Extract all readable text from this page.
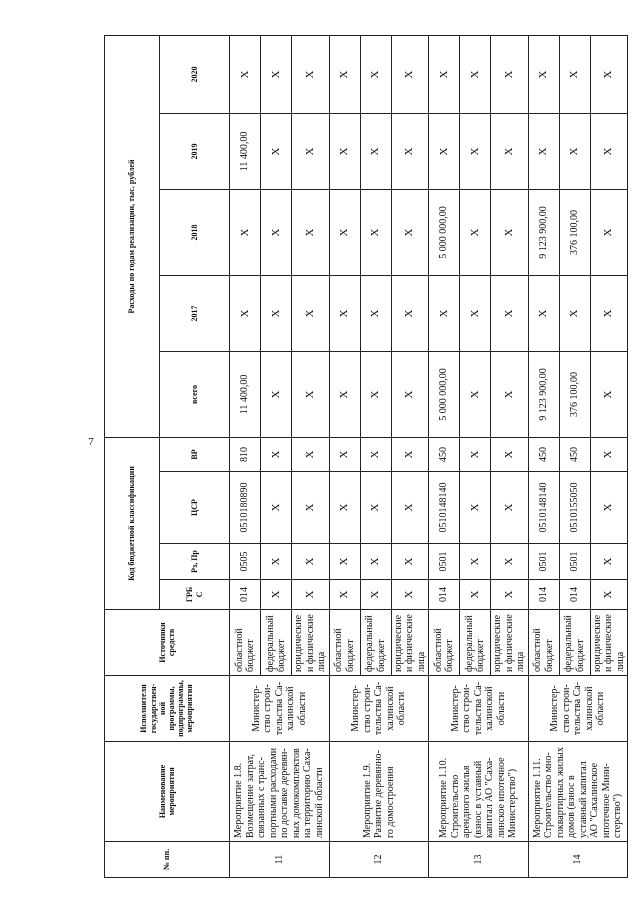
7
№ пп.	Наименование мероприятия	Исполнители государствен-ной программы, подпрограммы, мероприятия	Источники средств	Код бюджетной классификации				Расходы по годам реализации, тыс. рублей				
				ГРБ С	Рз, Пр	ЦСР	ВР	всего	2017	2018	2019	2020
11	Мероприятие 1.8. Возмещение затрат, связанных с транс-портными расходами по доставке деревян-ных домокомплектов на территорию Саха-линской области	Министер-ство строи-тельства Са-халинской области	областной бюджет	014	0505	0510180890	810	11 400,00	X	X	11 400,00	X
			федеральный бюджет	X	X	X	X	X	X	X	X	X
			юридические и физические лица	X	X	X	X	X	X	X	X	X
12	Мероприятие 1.9. Развитие деревянно-го домостроения	Министер-ство строи-тельства Са-халинской области	областной бюджет	X	X	X	X	X	X	X	X	X
			федеральный бюджет	X	X	X	X	X	X	X	X	X
			юридические и физические лица	X	X	X	X	X	X	X	X	X
13	Мероприятие 1.10. Строительство арендного жилья (взнос в уставный капитал АО "Саха-линское ипотечное Министерство")	Министер-ство строи-тельства Са-халинской области	областной бюджет	014	0501	0510148140	450	5 000 000,00	X	5 000 000,00	X	X
			федеральный бюджет	X	X	X	X	X	X	X	X	X
			юридические и физические лица	X	X	X	X	X	X	X	X	X
14	Мероприятие 1.11. Строительство мно-гоквартирных жилых домов (взнос в уставный капитал АО "Сахалинское ипотечное Мини-стерство")	Министер-ство строи-тельства Са-халинской области	областной бюджет	014	0501	0510148140	450	9 123 900,00	X	9 123 900,00	X	X
			федеральный бюджет	014	0501	0510155050	450	376 100,00	X	376 100,00	X	X
			юридические и физические лица	X	X	X	X	X	X	X	X	X
